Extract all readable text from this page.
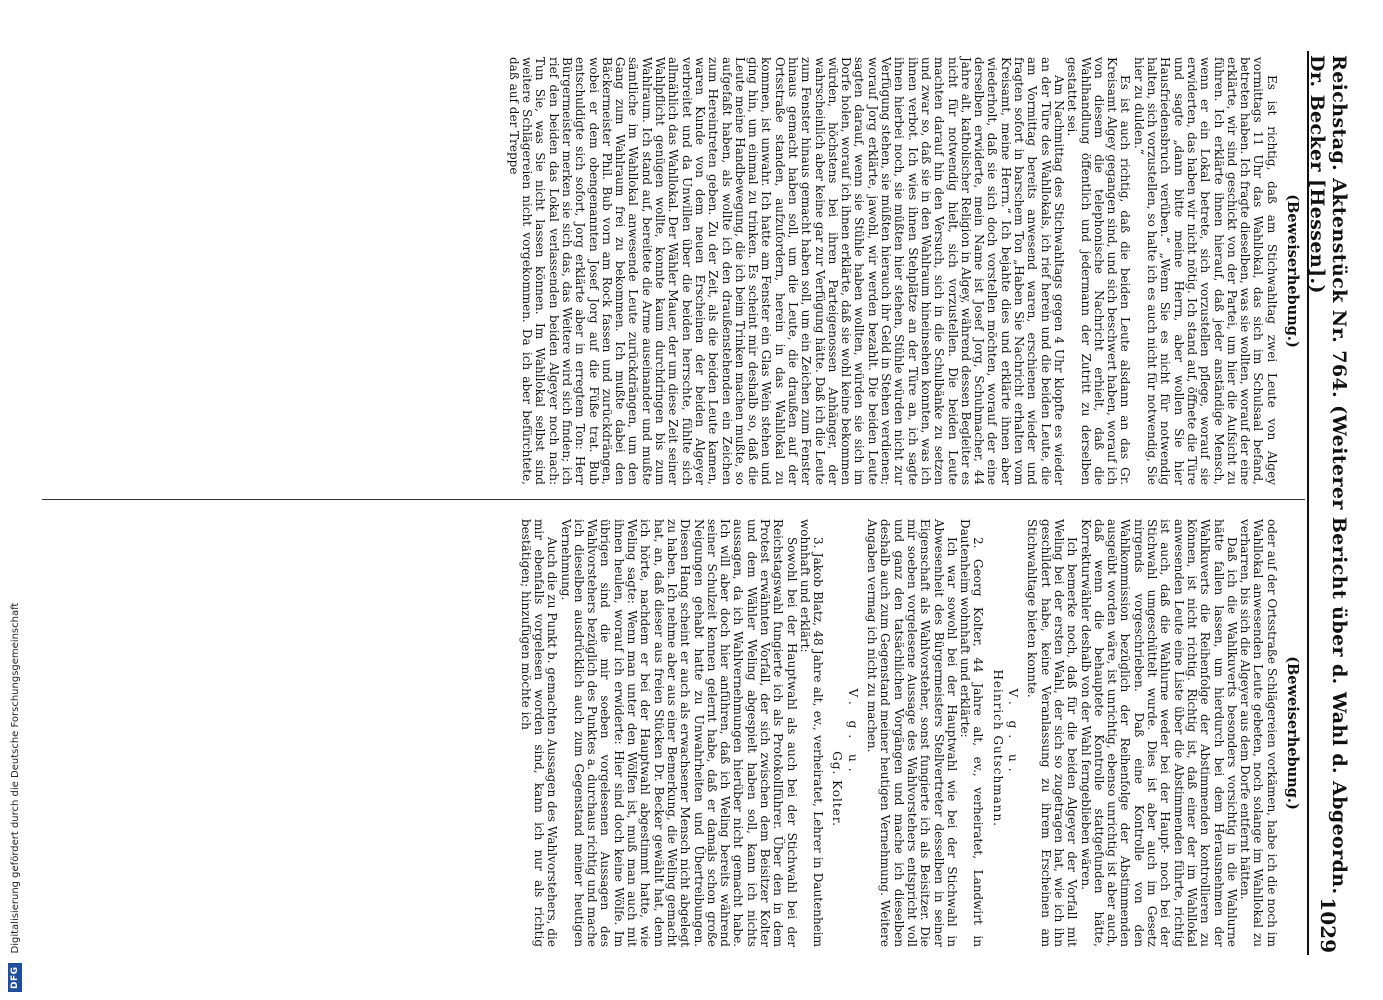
DFG
Digitalisierung gefördert durch die Deutsche Forschungsgemeinschaft	Reichstag. Aktenstück Nr. 764. (Weiterer Bericht über d. Wahl d. Abgeordn. Dr. Becker [Hessen].)
1029
(Beweiserhebung.)

Es ist richtig, daß am Stichwahltag zwei Leute von Algey vormittags 11 Uhr das Wahllokal, das sich im Schulsaal befand, betreten haben. Ich fragte dieselben, was sie wollten, worauf der eine erklärte, wir sind geschickt von der Partei, um hier die Aufsicht zu führen. Ich erklärte ihnen hierauf, daß jeder anständige Mensch, wenn er ein Lokal betrete, sich vorzustellen pflege, worauf sie erwiderten, das haben wir nicht nötig. Ich stand auf, öffnete die Türe und sagte „dann bitte meine Herrn, aber wollen Sie hier Hausfriedensbruch verüben.“ „Wenn Sie es nicht für notwendig halten, sich vorzustellen, so halte ich es auch nicht für notwendig, Sie hier zu dulden.“

Es ist auch richtig, daß die beiden Leute alsdann an das Gr. Kreisamt Algey gegangen sind, und sich beschwert haben, worauf ich von diesem die telephonische Nachricht erhielt, daß die Wahlhandlung öffentlich und jedermann der Zutritt zu derselben gestattet sei.

Am Nachmittag des Stichwahltags gegen 4 Uhr klopfte es wieder an der Türe des Wahllokals, ich rief herein und die beiden Leute, die am Vormittag bereits anwesend waren, erschienen wieder und fragten sofort in barschem Ton „Haben Sie Nachricht erhalten vom Kreisamt, meine Herrn.“ Ich bejahte dies und erklärte ihnen aber wiederholt, daß sie sich doch vorstellen möchten, worauf der eine derselben erwiderte, mein Name ist Josef Jorg, Schuhmacher, 44 Jahre alt, katholischer Religion in Algey, während dessen Begleiter es nicht für notwendig hielt, sich vorzustellen. Die beiden Leute machten darauf hin den Versuch, sich in die Schulbänke zu setzen und zwar so, daß sie in den Wahlraum hineinsehen konnten, was ich ihnen verbot. Ich wies ihnen Stehplätze an der Türe an, ich sagte ihnen hierbei noch, sie müßten hier stehen, Stühle würden nicht zur Verfügung stehen, sie müßten hierauch ihr Geld in Stehen verdienen; worauf Jorg erklärte, jawohl, wir werden bezahlt. Die beiden Leute sagten darauf, wenn sie Stühle haben wollten, würden sie sich im Dorfe holen, worauf ich ihnen erklärte, daß sie wohl keine bekommen würden, höchstens bei ihren Parteigenossen Anhänger, der wahrscheinlich aber keine gar zur Verfügung hätte. Daß ich die Leute zum Fenster hinaus gemacht haben soll, um ein Zeichen zum Fenster hinaus gemacht haben soll, um die Leute, die draußen auf der Ortsstraße standen, aufzufordern, herein in das Wahllokal zu kommen, ist unwahr. Ich hatte am Fenster ein Glas Wein stehen und ging hin, um einmal zu trinken. Es scheint mir deshalb so, daß die Leute meine Handbewegung, die ich beim Trinken machen mußte, so aufgefaßt haben, als wollte ich den draußenstehenden ein Zeichen zum Hereintreten geben. Zu der Zeit, als die beiden Leute kamen, waren Kunde von dem neuen Erscheinen der beiden Algeyer verbreitet und da Unwillen über die beiden herrschte, fühlte sich allmählich das Wahllokal. Der Wähler Mauer, der um diese Zeit seiner Wahlpflicht genügen wollte, konnte kaum durchdringen bis zum Wahlraum. Ich stand auf, bereitete die Arme auseinander und mußte sämtliche im Wahllokal anwesende Leute zurückdrängen, um den Gang zum Wahlraum frei zu bekommen. Ich mußte dabei den Bäckermeister Phil. Bub vorn am Rock fassen und zurückdrängen, wobei er dem obengenannten Josef Jorg auf die Füße trat. Bub entschuldigte sich sofort, Jorg erklärte aber in erregtem Ton: Herr Bürgermeister merken sie sich das, das Weitere wird sich finden; ich rief den beiden das Lokal verlassenden beiden Algeyer noch nach: Tun Sie, was Sie nicht lassen können. Im Wahllokal selbst sind weitere Schlägereien nicht vorgekommen. Da ich aber befürchtete, daß auf der Treppe

(Beweiserhebung.)

oder auf der Ortsstraße Schlägereien vorkämen, habe ich die noch im Wahllokal anwesenden Leute gebeten, noch solange im Wahllokal zu verharren, bis sich die Algeyer aus dem Dorfe entfernt hätten.

Daß ich die Wahlkuverts besonders vorsichtig in die Wahlurne hätte fallen lassen, um hierdurch bei dem Herausnehmen der Wahlkuverts die Reihenfolge der Abstimmenden kontrollieren zu können, ist nicht richtig. Richtig ist, daß einer der im Wahllokal anwesenden Leute eine Liste über die Abstimmenden führte, richtig ist auch, daß die Wahlurne weder bei der Haupt- noch bei der Stichwahl umgeschüttelt wurde. Dies ist aber auch im Gesetz nirgends vorgeschrieben. Daß eine Kontrolle von den Wahlkommission bezüglich der Reihenfolge der Abstimmenden ausgeübt worden wäre, ist unrichtig, ebenso unrichtig ist aber auch, daß wenn die behauptete Kontrolle stattgefunden hätte, Korrekturwähler deshalb von der Wahl ferngeblieben wären.

Ich bemerke noch, daß für die beiden Algeyer der Vorfall mit Weling bei der ersten Wahl, der sich so zugetragen hat, wie ich ihn geschildert habe, keine Veranlassung zu ihrem Erscheinen am Stichwahltage bieten konnte.

V. g. u.
Heinrich Gutschmann.

2. Georg Kolter, 44 Jahre alt, ev., verheiratet, Landwirt in Dautenheim wohnhaft und erklärte:

Ich war sowohl bei der Hauptwahl wie bei der Stichwahl in Abwesenheit des Bürgermeisters Stellvertreter desselben in seiner Eigenschaft als Wahlvorsteher, sonst fungierte ich als Beisitzer. Die mir soeben vorgelesene Aussage des Wahlvorstehers entspricht voll und ganz den tatsächlichen Vorgängen und mache ich dieselben deshalb auch zum Gegenstand meiner heutigen Vernehmung. Weitere Angaben vermag ich nicht zu machen.

V. g. u.
Gg. Kolter.

3. Jakob Blatz, 48 Jahre alt, ev., verheiratet, Lehrer in Dautenheim wohnhaft und erklärt:

Sowohl bei der Hauptwahl als auch bei der Stichwahl bei der Reichstagswahl fungierte ich als Protokollführer. Über den in dem Protest erwähnten Vorfall, der sich zwischen dem Beisitzer Kolter und dem Wähler Weling abgespielt haben soll, kann ich nichts aussagen, da ich Wahlvernehmungen hierüber nicht gemacht habe. Ich will aber doch hier anführen, daß ich Weling bereits während seiner Schulzeit kennen gelernt habe, daß er damals schon große Neigungen gehabt hatte zu Unwahrheiten und Übertreibungen. Diesen Hang scheint er auch als erwachsener Mensch nicht abgelegt zu haben. Ich nehme aber aus einer Bemerkung, die Weling gemacht hat, an, daß dieser aus freien Stücken Dr. Becker gewählt hat, denn ich hörte, nachdem er bei der Hauptwahl abgestimmt hatte, wie Weling sagte: Wenn man unter den Wölfen ist, muß man auch mit ihnen heulen, worauf ich erwiderte: Hier sind doch keine Wölfe. Im übrigen sind die mir soeben vorgelesenen Aussagen des Wahlvorstehers bezüglich des Punktes a. durchaus richtig und mache ich dieselben ausdrücklich auch zum Gegenstand meiner heutigen Vernehmung.

Auch die zu Punkt b. gemachten Aussagen des Wahlvorstehers, die mir ebenfalls vorgelesen worden sind, kann ich nur als richtig bestätigen; hinzufügen möchte ich
